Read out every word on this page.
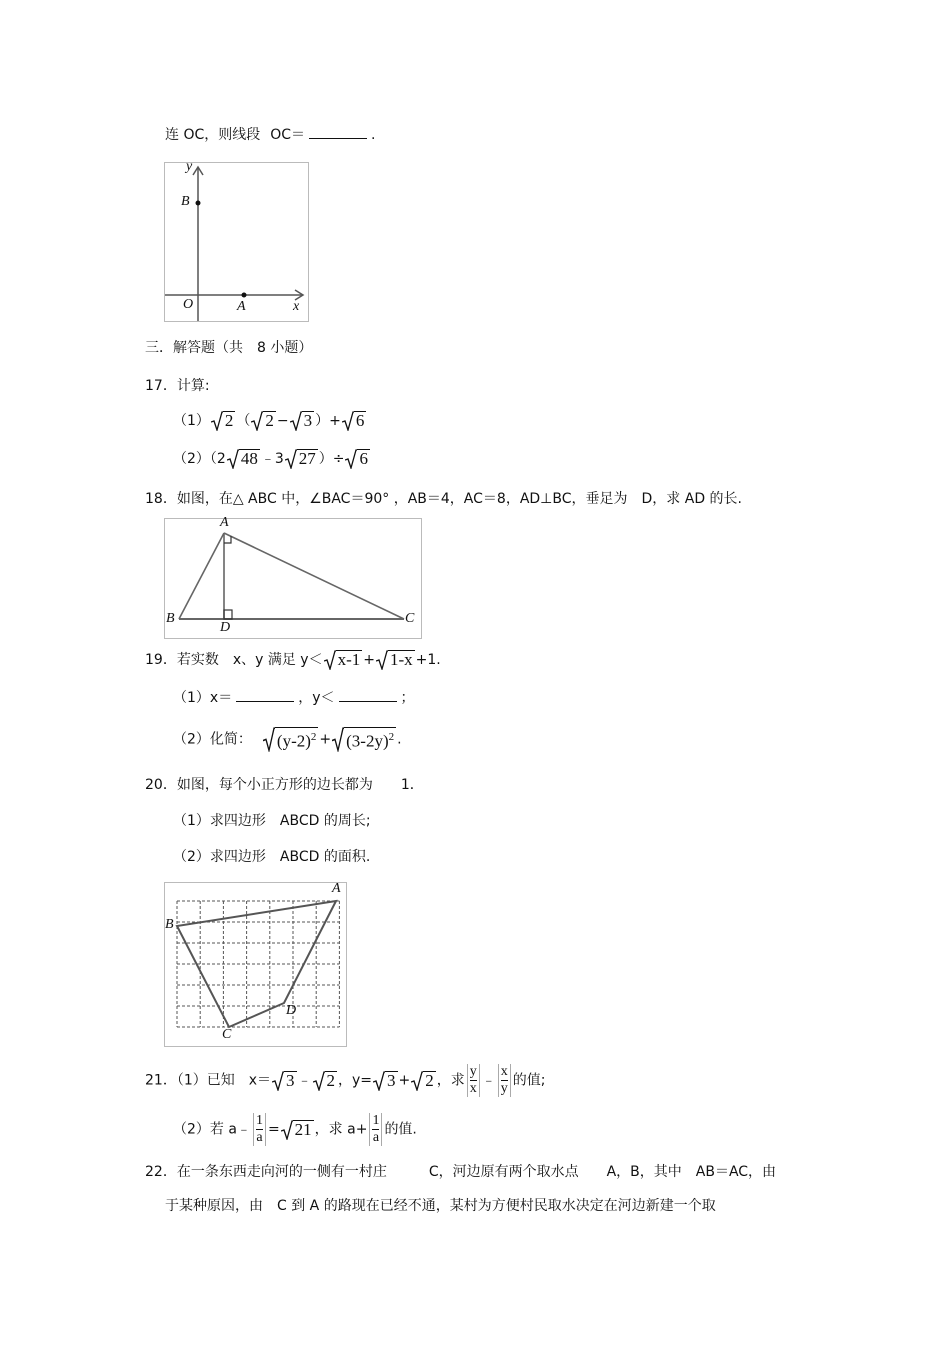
连 OC，则线段 OC＝	.
y
x
O	A
B
三．解答题（共　8 小题）
17．计算:
（1） 2 （ 2 − 3 ）+ 6
（2）（2 48 ﹣3 27 ）÷ 6
18．如图，在△ ABC 中，∠BAC＝90° ，AB＝4，AC＝8，AD⊥BC，垂足为　D，求 AD 的长.
A
B	C
D
19．若实数　x、y 满足 y＜ x-1 + 1-x +1.
（1）x＝	，y＜	；
（2）化简： $(y-2)^2 + (3-2y)^2$ .
20．如图，每个小正方形的边长都为　　1．
（1）求四边形　ABCD 的周长;
（2）求四边形　ABCD 的面积.
A
B
C
D
21．（1）已知　x＝ 3 ﹣ 2 ，y= 3 + 2 ，求 $\frac{y}{x}$ ﹣ $\frac{x}{y}$ 的值;
（2）若 a﹣ $\frac{1}{a} = 21$ ，求 $a+ \frac{1}{a}$ 的值.
22．在一条东西走向河的一侧有一村庄　　　C，河边原有两个取水点　　A，B，其中　AB＝AC，由
于某种原因，由　C 到 A 的路现在已经不通，某村为方便村民取水决定在河边新建一个取
